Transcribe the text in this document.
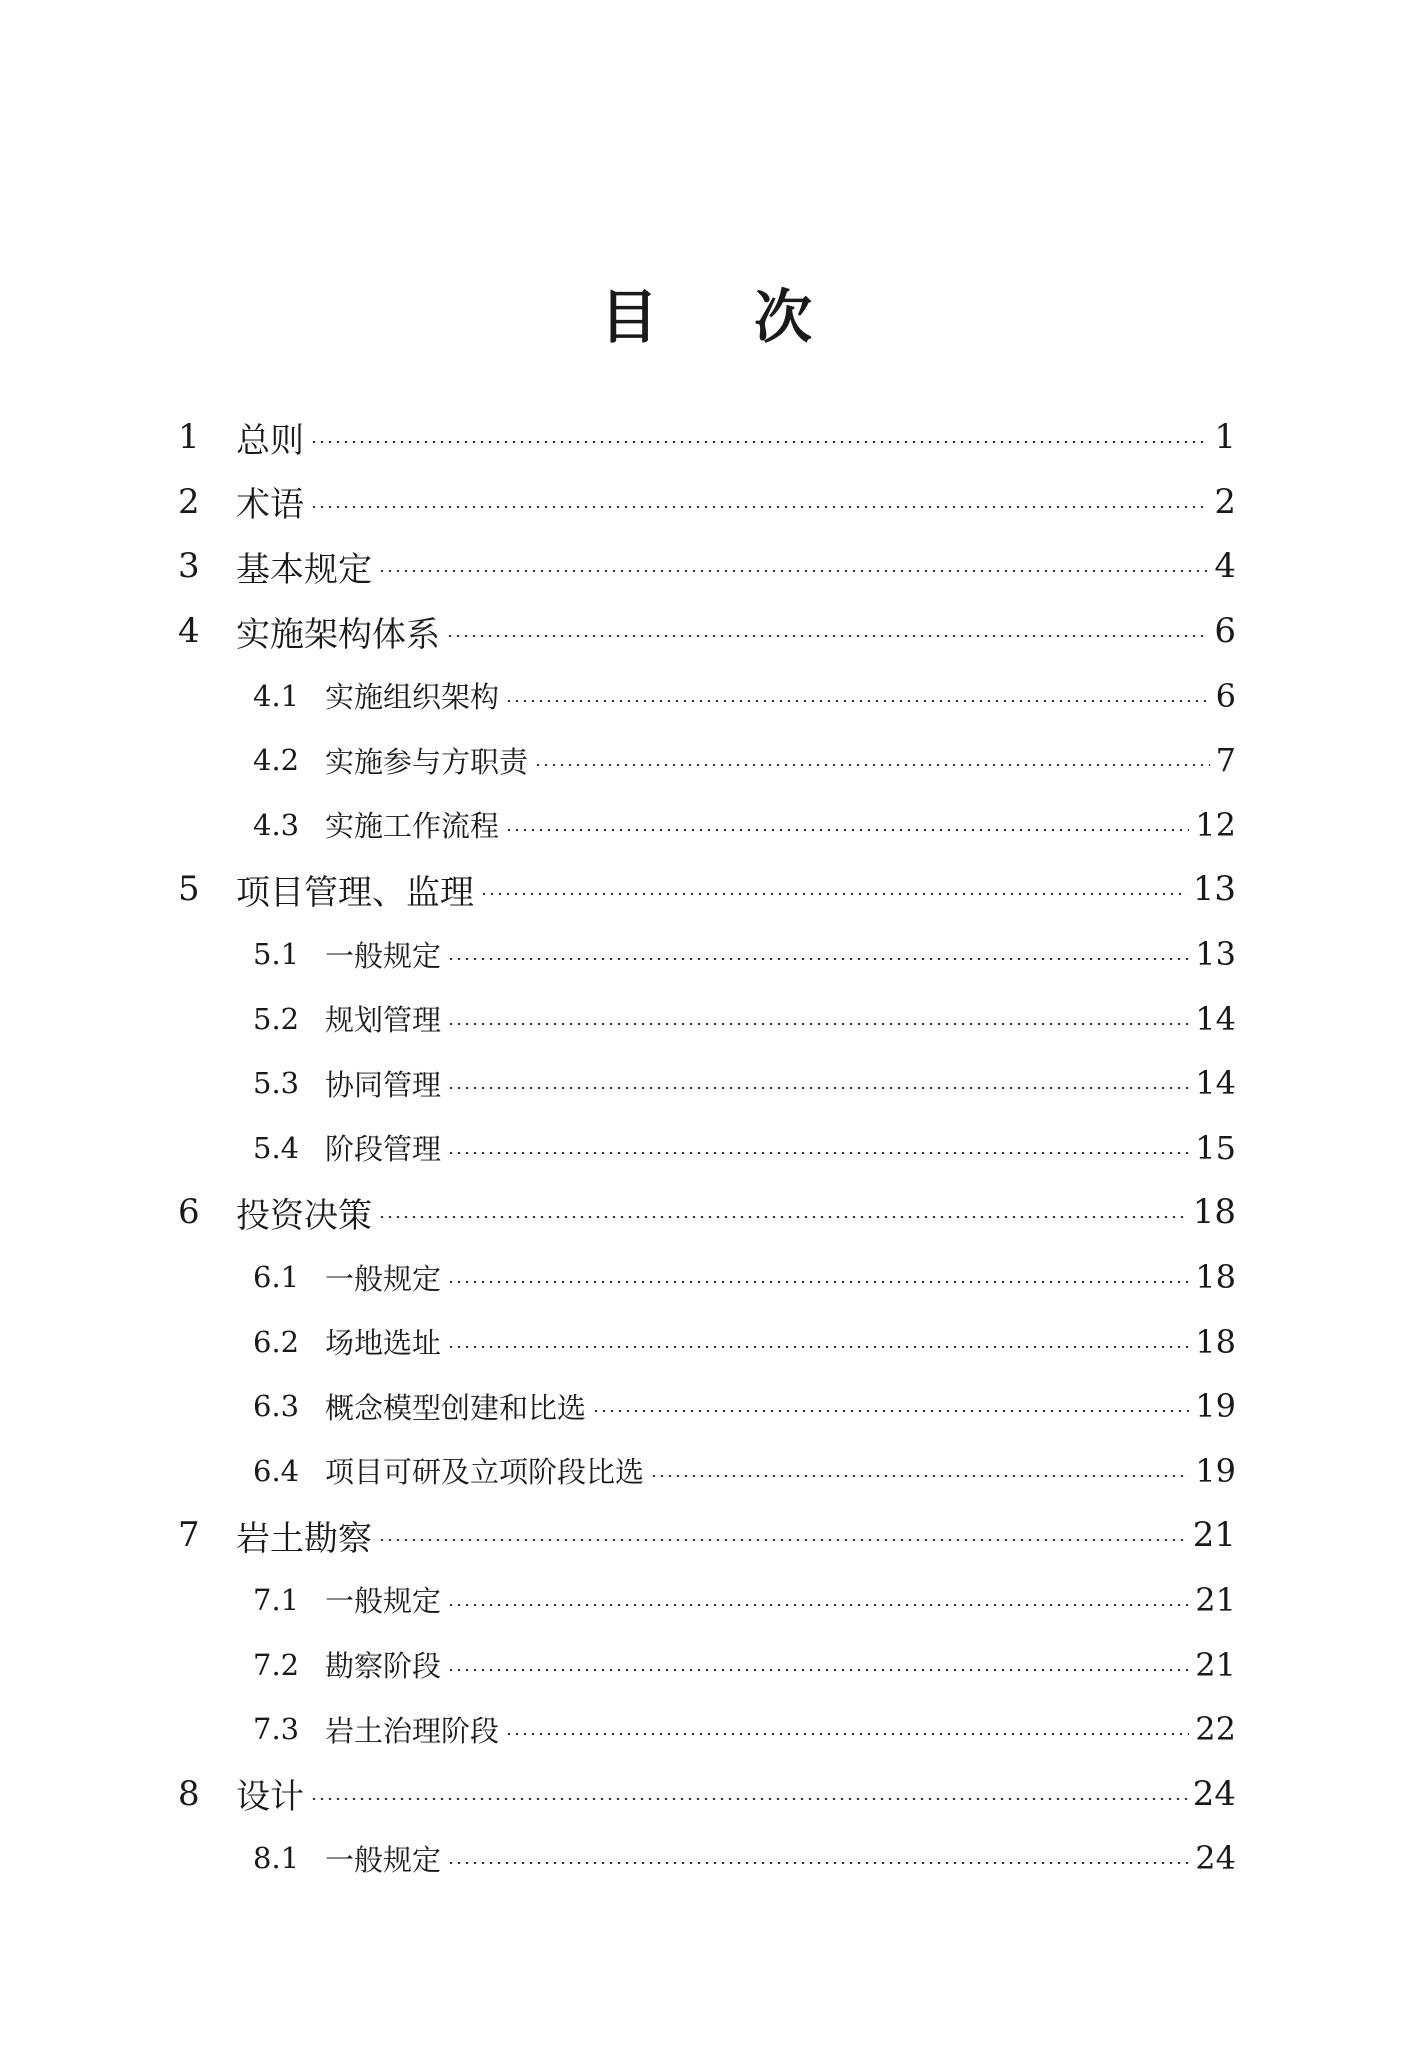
目 次
1	总则	1
2	术语	2
3	基本规定	4
4	实施架构体系	6
4.1 实施组织架构	6
4.2 实施参与方职责	7
4.3 实施工作流程	12
5	项目管理、监理	13
5.1 一般规定	13
5.2 规划管理	14
5.3 协同管理	14
5.4 阶段管理	15
6	投资决策	18
6.1 一般规定	18
6.2 场地选址	18
6.3 概念模型创建和比选	19
6.4 项目可研及立项阶段比选	19
7	岩土勘察	21
7.1 一般规定	21
7.2 勘察阶段	21
7.3 岩土治理阶段	22
8	设计	24
8.1 一般规定	24
